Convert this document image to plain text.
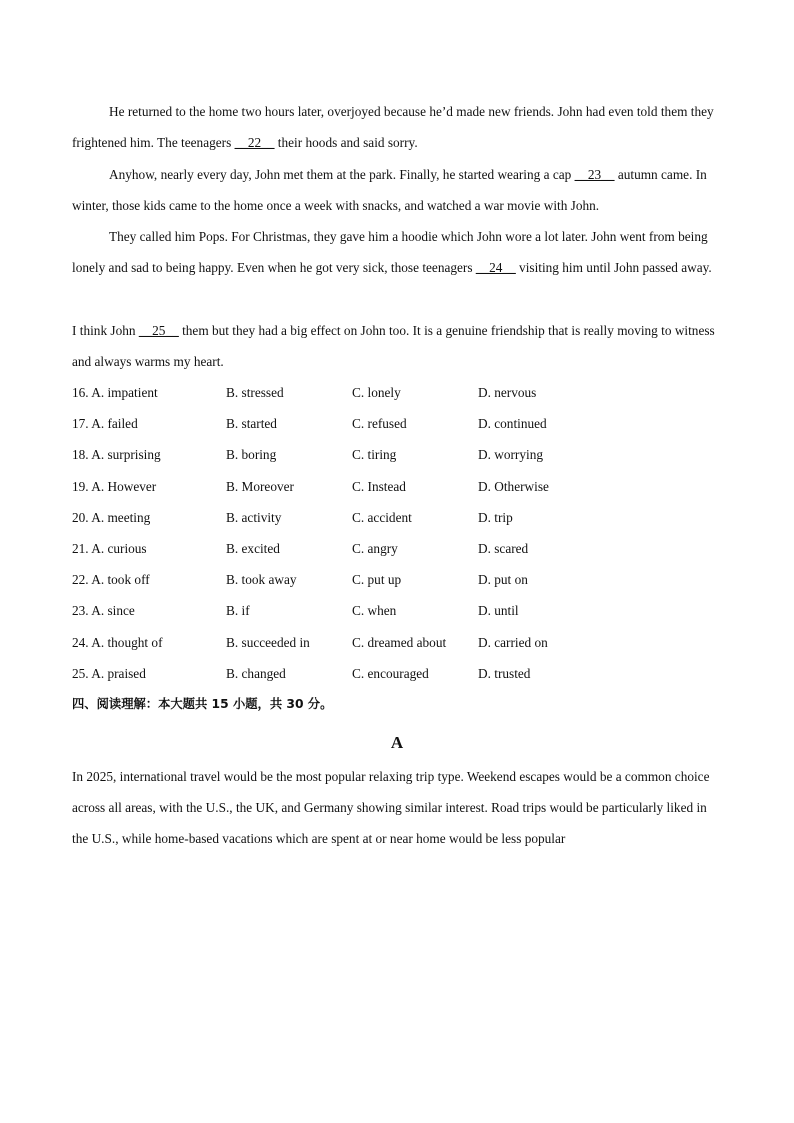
He returned to the home two hours later, overjoyed because he’d made new friends. John had even told them they frightened him. The teenagers __22__ their hoods and said sorry.

Anyhow, nearly every day, John met them at the park. Finally, he started wearing a cap __23__ autumn came. In winter, those kids came to the home once a week with snacks, and watched a war movie with John.

They called him Pops. For Christmas, they gave him a hoodie which John wore a lot later. John went from being lonely and sad to being happy. Even when he got very sick, those teenagers __24__ visiting him until John passed away.

I think John __25__ them but they had a big effect on John too. It is a genuine friendship that is really moving to witness and always warms my heart.

16. A. impatient	B. stressed	C. lonely	D. nervous
17. A. failed	B. started	C. refused	D. continued
18. A. surprising	B. boring	C. tiring	D. worrying
19. A. However	B. Moreover	C. Instead	D. Otherwise
20. A. meeting	B. activity	C. accident	D. trip
21. A. curious	B. excited	C. angry	D. scared
22. A. took off	B. took away	C. put up	D. put on
23. A. since	B. if	C. when	D. until
24. A. thought of	B. succeeded in	C. dreamed about D. carried on
25. A. praised	B. changed	C. encouraged	D. trusted

四、阅读理解：本大题共 15 小题，共 30 分。

A

In 2025, international travel would be the most popular relaxing trip type. Weekend escapes would be a common choice across all areas, with the U.S., the UK, and Germany showing similar interest. Road trips would be particularly liked in the U.S., while home-based vacations which are spent at or near home would be less popular
